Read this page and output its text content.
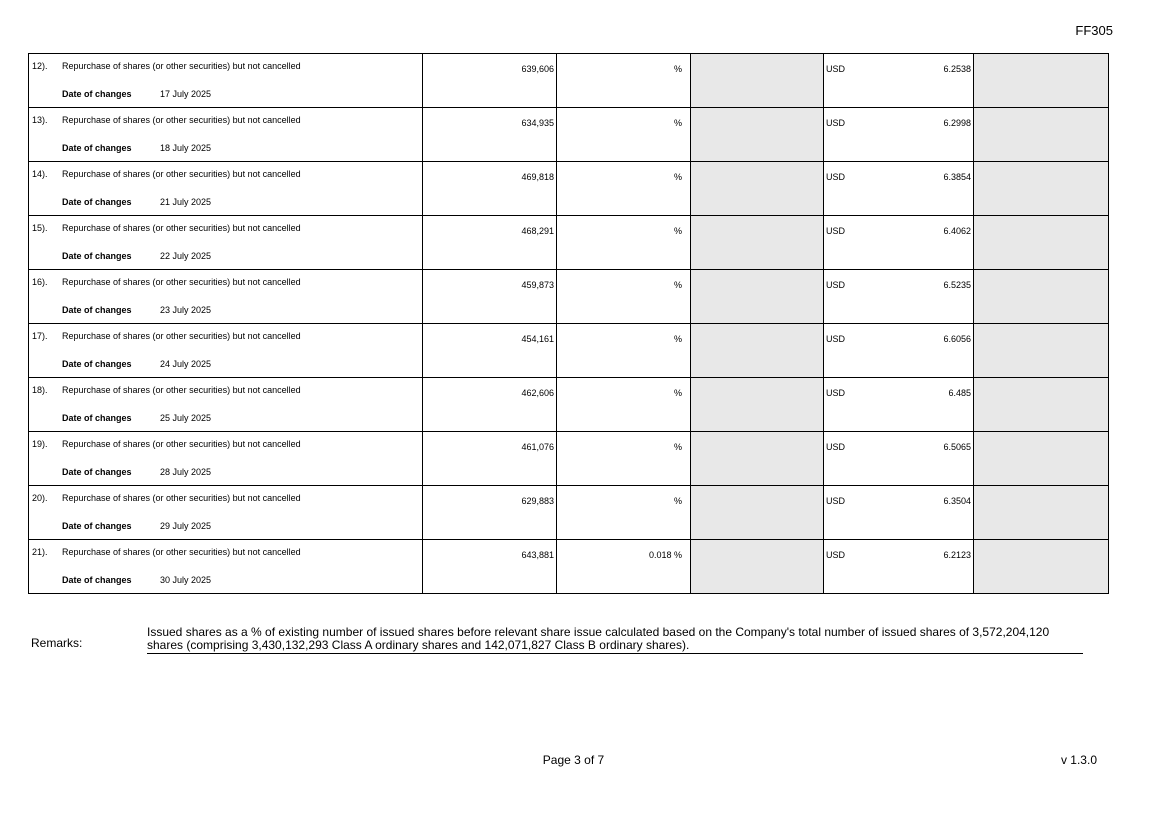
FF305
12). Repurchase of shares (or other securities) but not cancelled
Date of changes 17 July 2025	639,606	%		USD 6.2538	

13). Repurchase of shares (or other securities) but not cancelled
Date of changes 18 July 2025	634,935	%		USD 6.2998	

14). Repurchase of shares (or other securities) but not cancelled
Date of changes 21 July 2025	469,818	%		USD 6.3854	

15). Repurchase of shares (or other securities) but not cancelled
Date of changes 22 July 2025	468,291	%		USD 6.4062	

16). Repurchase of shares (or other securities) but not cancelled
Date of changes 23 July 2025	459,873	%		USD 6.5235	

17). Repurchase of shares (or other securities) but not cancelled
Date of changes 24 July 2025	454,161	%		USD 6.6056	

18). Repurchase of shares (or other securities) but not cancelled
Date of changes 25 July 2025	462,606	%		USD 6.485	

19). Repurchase of shares (or other securities) but not cancelled
Date of changes 28 July 2025	461,076	%		USD 6.5065	

20). Repurchase of shares (or other securities) but not cancelled
Date of changes 29 July 2025	629,883	%		USD 6.3504	

21). Repurchase of shares (or other securities) but not cancelled
Date of changes 30 July 2025	643,881	0.018 %		USD 6.2123	

Remarks:
Issued shares as a % of existing number of issued shares before relevant share issue calculated based on the Company's total number of issued shares of 3,572,204,120 shares (comprising 3,430,132,293 Class A ordinary shares and 142,071,827 Class B ordinary shares).
Page 3 of 7	v 1.3.0
